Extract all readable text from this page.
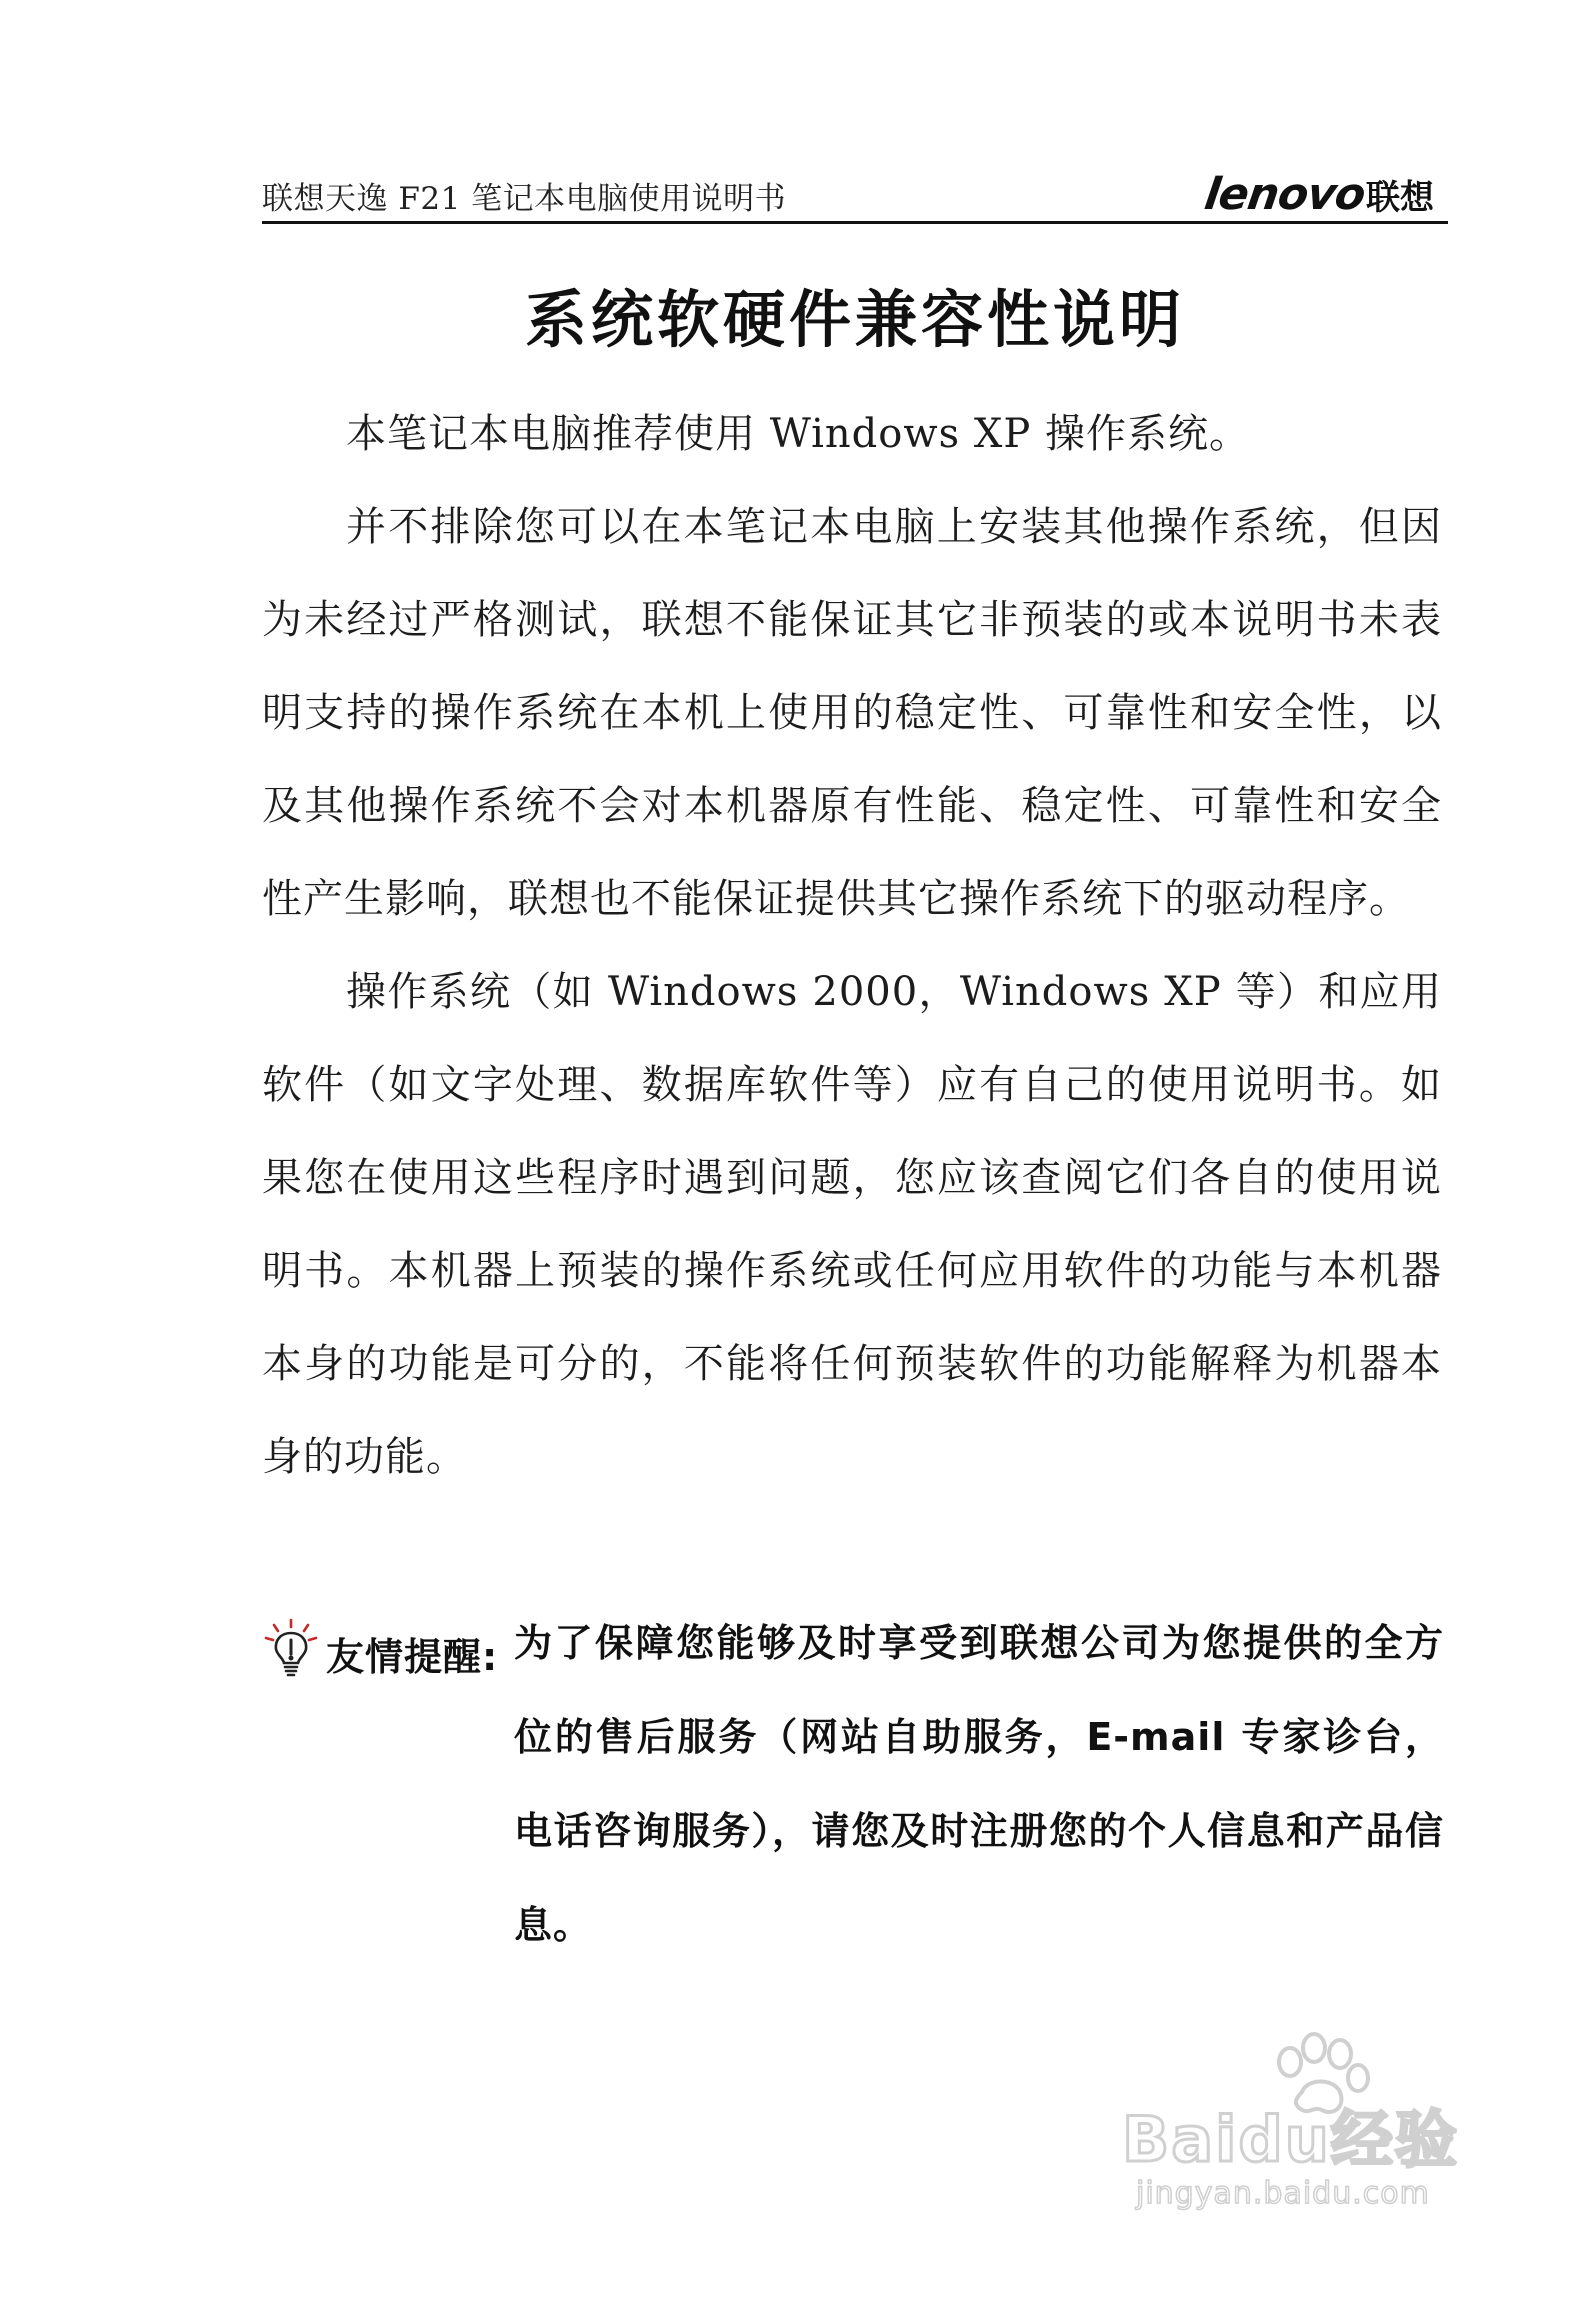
联想天逸 F21 笔记本电脑使用说明书	lenovo
联想
系统软硬件兼容性说明

本笔记本电脑推荐使用 Windows XP 操作系统。

并不排除您可以在本笔记本电脑上安装其他操作系统，但因为未经过严格测试，联想不能保证其它非预装的或本说明书未表明支持的操作系统在本机上使用的稳定性、可靠性和安全性，以及其他操作系统不会对本机器原有性能、稳定性、可靠性和安全性产生影响，联想也不能保证提供其它操作系统下的驱动程序。

操作系统（如 Windows 2000，Windows XP 等）和应用软件（如文字处理、数据库软件等）应有自己的使用说明书。如果您在使用这些程序时遇到问题，您应该查阅它们各自的使用说明书。本机器上预装的操作系统或任何应用软件的功能与本机器本身的功能是可分的，不能将任何预装软件的功能解释为机器本身的功能。

友情提醒: 为了保障您能够及时享受到联想公司为您提供的全方位的售后服务（网站自助服务，E-mail 专家诊台，电话咨询服务），请您及时注册您的个人信息和产品信息。
Baidu经验
jingyan.baidu.com
